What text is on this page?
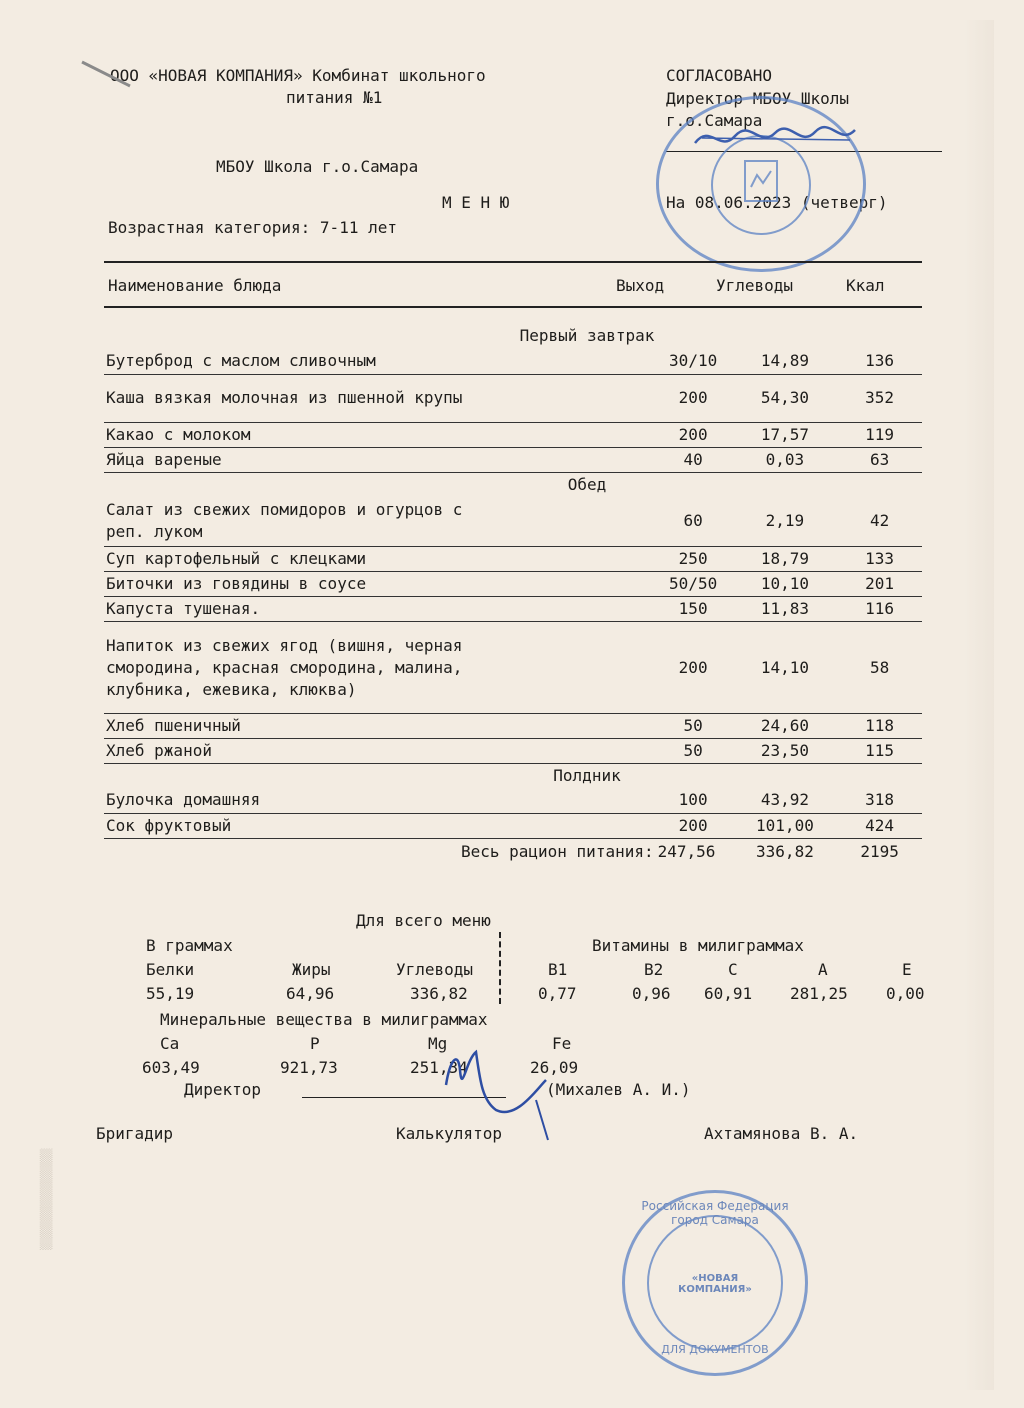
ООО «НОВАЯ КОМПАНИЯ» Комбинат школьного
питания №1
МБОУ Школа г.о.Самара
М Е Н Ю
Возрастная категория: 7-11 лет
СОГЛАСОВАНО
Директор МБОУ Школы
г.о.Самара
На 08.06.2023 (четверг)
Наименование блюда	Выход	Углеводы	Ккал
Первый завтрак			
Бутерброд с маслом сливочным	30/10	14,89	136
Каша вязкая молочная из пшенной крупы	200	54,30	352
Какао с молоком	200	17,57	119
Яйца вареные	40	0,03	63
Обед			
Салат из свежих помидоров и огурцов с реп. луком	60	2,19	42
Суп картофельный с клецками	250	18,79	133
Биточки из говядины в соусе	50/50	10,10	201
Капуста тушеная.	150	11,83	116
Напиток из свежих ягод (вишня, черная смородина, красная смородина, малина, клубника, ежевика, клюква)	200	14,10	58
Хлеб пшеничный	50	24,60	118
Хлеб ржаной	50	23,50	115
Полдник			
Булочка домашняя	100	43,92	318
Сок фруктовый	200	101,00	424
Весь рацион питания:	247,56	336,82	2195
Для всего меню
В граммах	Витамины в милиграммах
Белки	Жиры	Углеводы
55,19	64,96	336,82
B1	B2	C	A	E
0,77	0,96 60,91 281,25 0,00
Минеральные вещества в милиграммах
Ca	P	Mg	Fe
603,49	921,73	251,34	26,09
Российская Федерация город Самара
«НОВАЯ КОМПАНИЯ»
ДЛЯ ДОКУМЕНТОВ
Директор	(Михалев А. И.)
Бригадир	Калькулятор	Ахтамянова В. А.
▒▒▒▒▒▒▒▒▒▒▒▒
